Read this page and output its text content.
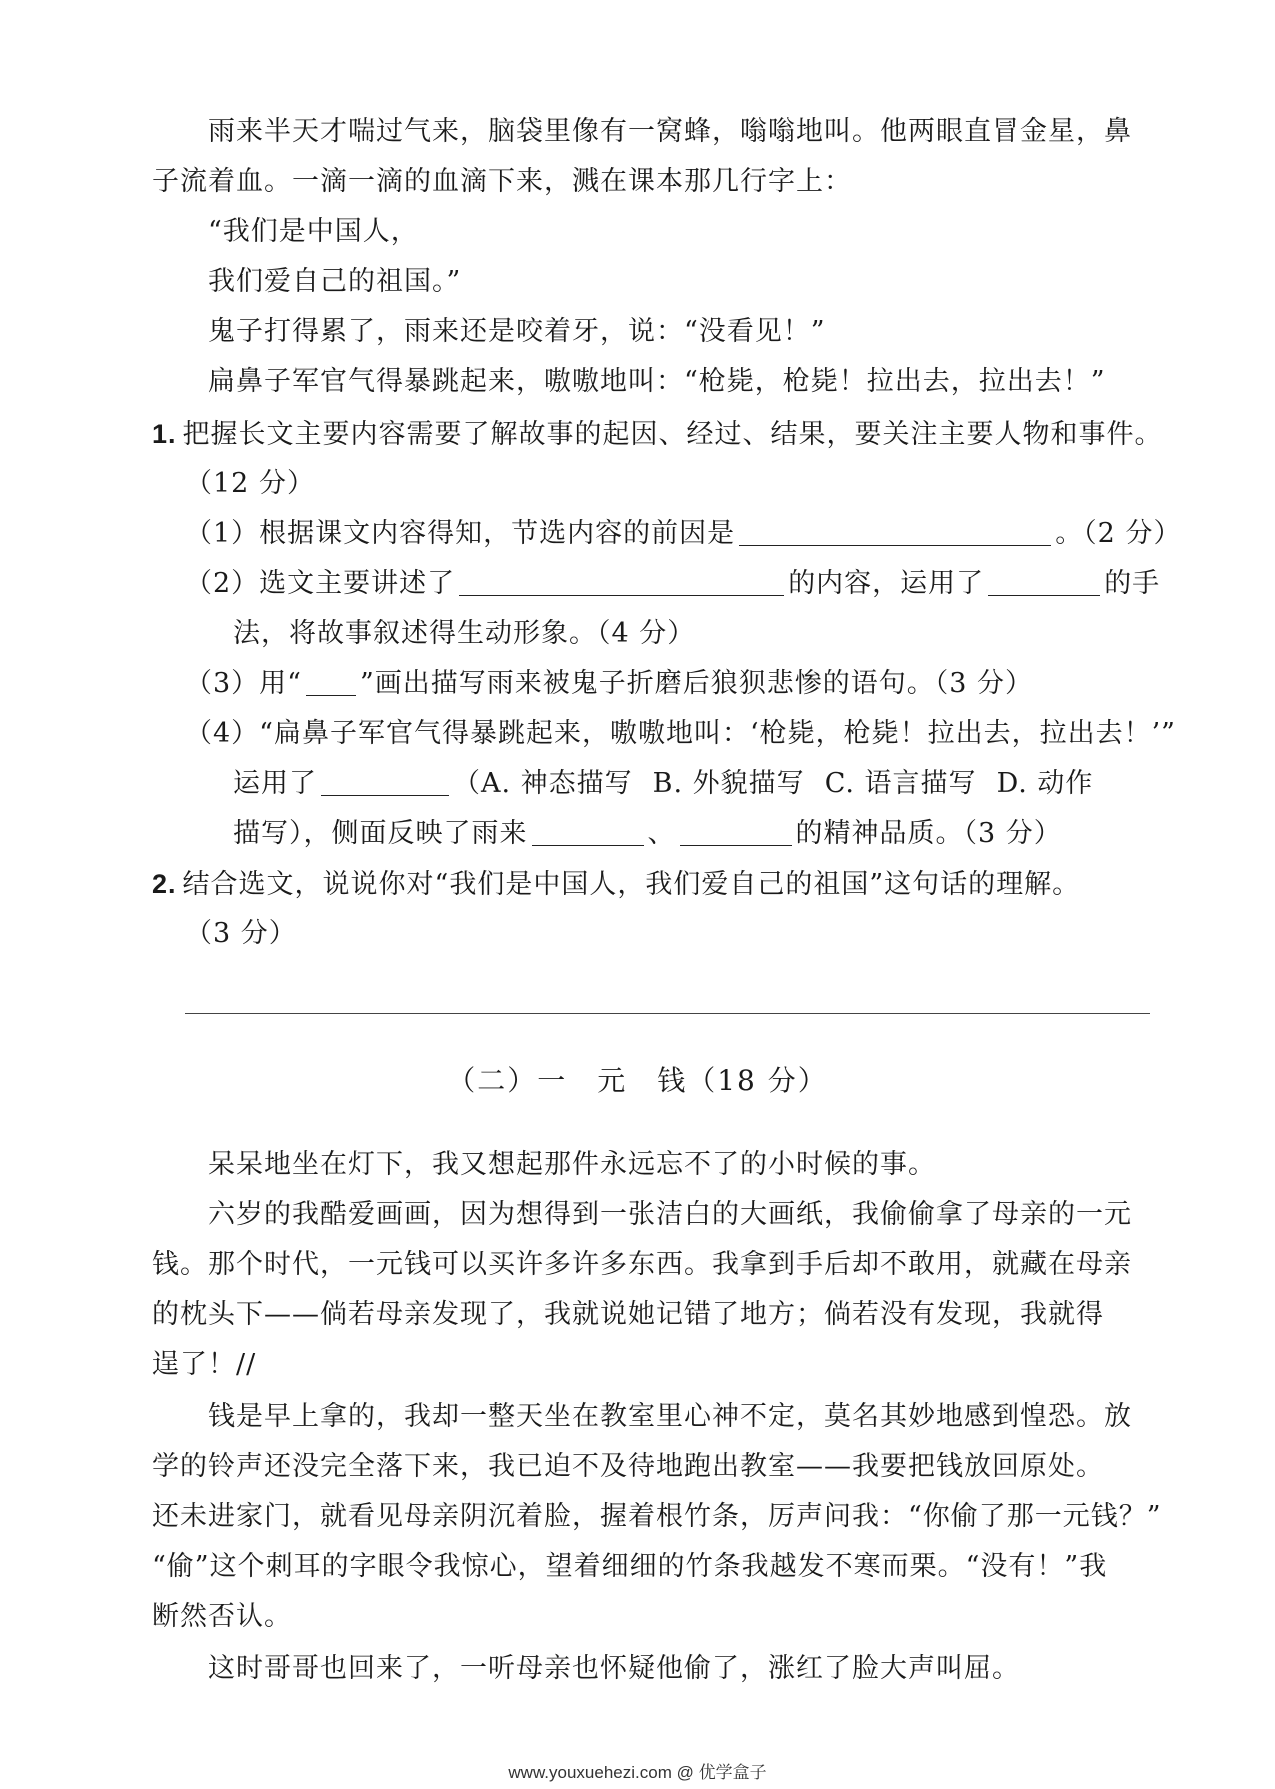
雨来半天才喘过气来，脑袋里像有一窝蜂，嗡嗡地叫。他两眼直冒金星，鼻
子流着血。一滴一滴的血滴下来，溅在课本那几行字上：
“我们是中国人，
我们爱自己的祖国。”
鬼子打得累了，雨来还是咬着牙，说：“没看见！”
扁鼻子军官气得暴跳起来，嗷嗷地叫：“枪毙，枪毙！拉出去，拉出去！”
1. 把握长文主要内容需要了解故事的起因、经过、结果，要关注主要人物和事件。
（12 分）
（1）根据课文内容得知，节选内容的前因是	。（2 分）
（2）选文主要讲述了	的内容，运用了	的手
法，将故事叙述得生动形象。（4 分）
（3）用“ ”画出描写雨来被鬼子折磨后狼狈悲惨的语句。（3 分）
（4）“扁鼻子军官气得暴跳起来，嗷嗷地叫：‘枪毙，枪毙！拉出去，拉出去！’”
运用了	（A. 神态描写 B. 外貌描写 C. 语言描写 D. 动作
描写），侧面反映了雨来	、	的精神品质。（3 分）
2. 结合选文，说说你对“我们是中国人，我们爱自己的祖国”这句话的理解。
（3 分）
（二）一　元　钱（18 分）
呆呆地坐在灯下，我又想起那件永远忘不了的小时候的事。
六岁的我酷爱画画，因为想得到一张洁白的大画纸，我偷偷拿了母亲的一元
钱。那个时代，一元钱可以买许多许多东西。我拿到手后却不敢用，就藏在母亲
的枕头下——倘若母亲发现了，我就说她记错了地方；倘若没有发现，我就得
逞了！//
钱是早上拿的，我却一整天坐在教室里心神不定，莫名其妙地感到惶恐。放
学的铃声还没完全落下来，我已迫不及待地跑出教室——我要把钱放回原处。
还未进家门，就看见母亲阴沉着脸，握着根竹条，厉声问我：“你偷了那一元钱？”
“偷”这个刺耳的字眼令我惊心，望着细细的竹条我越发不寒而栗。“没有！”我
断然否认。
这时哥哥也回来了，一听母亲也怀疑他偷了，涨红了脸大声叫屈。
www.youxuehezi.com @ 优学盒子
